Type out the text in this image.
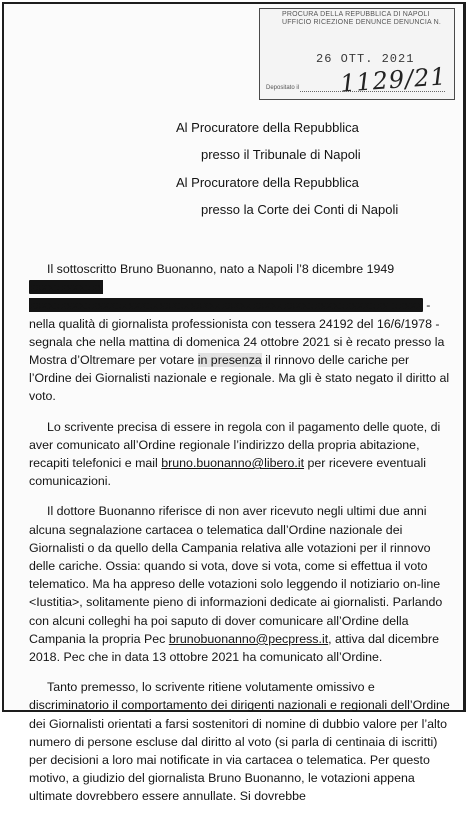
PROCURA DELLA REPUBBLICA DI NAPOLI UFFICIO RICEZIONE DENUNCE DENUNCIA N.
26 OTT. 2021
1129/21
Depositato il
Al Procuratore della Repubblica
presso il Tribunale di Napoli
Al Procuratore della Repubblica
presso la Corte dei Conti di Napoli

Il sottoscritto Bruno Buonanno, nato a Napoli l’8 dicembre 1949 xxxxxxxxxxxx xxxxxxxxxxxxxxxxxxxxxxxxxxxxxxxxxxxxxxxxxxxxxxxxxxxxxxxxxx xxxxx - nella qualità di giornalista professionista con tessera 24192 del 16/6/1978 - segnala che nella mattina di domenica 24 ottobre 2021 si è recato presso la Mostra d’Oltremare per votare in presenza il rinnovo delle cariche per l’Ordine dei Giornalisti nazionale e regionale. Ma gli è stato negato il diritto al voto.

Lo scrivente precisa di essere in regola con il pagamento delle quote, di aver comunicato all’Ordine regionale l’indirizzo della propria abitazione, recapiti telefonici e mail bruno.buonanno@libero.it per ricevere eventuali comunicazioni.

Il dottore Buonanno riferisce di non aver ricevuto negli ultimi due anni alcuna segnalazione cartacea o telematica dall’Ordine nazionale dei Giornalisti o da quello della Campania relativa alle votazioni per il rinnovo delle cariche. Ossia: quando si vota, dove si vota, come si effettua il voto telematico. Ma ha appreso delle votazioni solo leggendo il notiziario on-line <Iustitia>, solitamente pieno di informazioni dedicate ai giornalisti. Parlando con alcuni colleghi ha poi saputo di dover comunicare all’Ordine della Campania la propria Pec brunobuonanno@pecpress.it, attiva dal dicembre 2018. Pec che in data 13 ottobre 2021 ha comunicato all’Ordine.

Tanto premesso, lo scrivente ritiene volutamente omissivo e discriminatorio il comportamento dei dirigenti nazionali e regionali dell’Ordine dei Giornalisti orientati a farsi sostenitori di nomine di dubbio valore per l’alto numero di persone escluse dal diritto al voto (si parla di centinaia di iscritti) per decisioni a loro mai notificate in via cartacea o telematica. Per questo motivo, a giudizio del giornalista Bruno Buonanno, le votazioni appena ultimate dovrebbero essere annullate. Si dovrebbe
